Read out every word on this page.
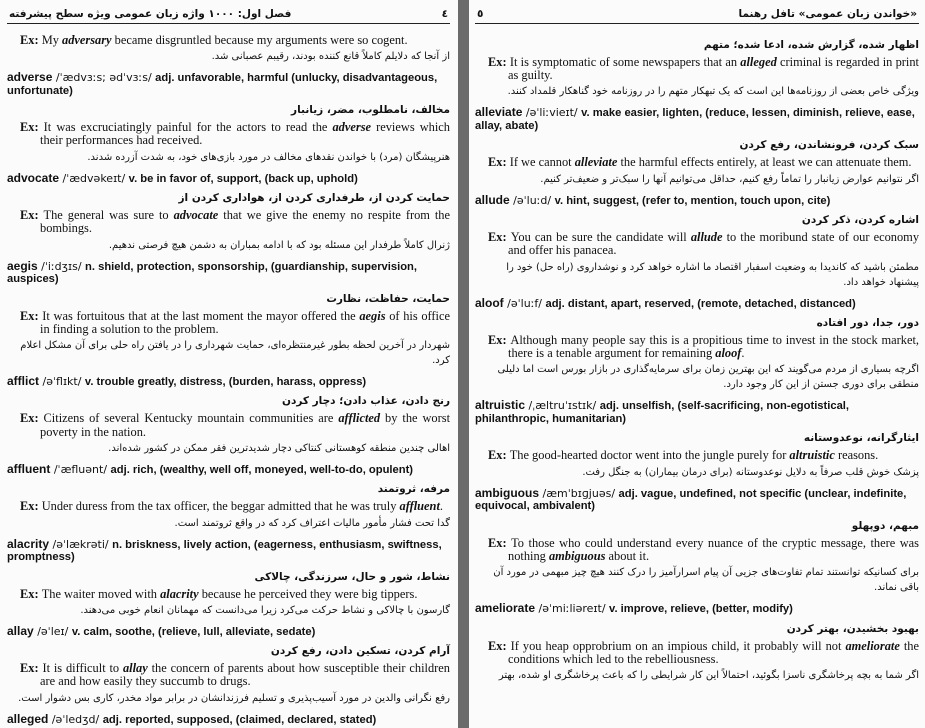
فصل اول: ۱۰۰۰ واژه زبان عمومی ویژه سطح پیشرفته	٤
Ex: My adversary became disgruntled because my arguments were so cogent.
از آنجا که دلایلم کاملاً قانع کننده بودند، رقیبم عصبانی شد.
adverse /ˈædvɜːs; ədˈvɜːs/ adj. unfavorable, harmful (unlucky, disadvantageous, unfortunate)
مخالف، نامطلوب، مضر، زیانبار
Ex: It was excruciatingly painful for the actors to read the adverse reviews which their performances had received.
هنرپیشگان (مرد) با خواندن نقدهای مخالف در مورد بازی‌های خود، به شدت آزرده شدند.
advocate /ˈædvəkeɪt/ v. be in favor of, support, (back up, uphold)
حمایت کردن از، طرفداری کردن از، هواداری کردن از
Ex: The general was sure to advocate that we give the enemy no respite from the bombings.
ژنرال کاملاً طرفدار این مسئله بود که با ادامه بمباران به دشمن هیچ فرصتی ندهیم.
aegis /ˈiːdʒɪs/ n. shield, protection, sponsorship, (guardianship, supervision, auspices)
حمایت، حفاظت، نظارت
Ex: It was fortuitous that at the last moment the mayor offered the aegis of his office in finding a solution to the problem.
شهردار در آخرین لحظه بطور غیرمنتظره‌ای، حمایت شهرداری را در یافتن راه حلی برای آن مشکل اعلام کرد.
afflict /əˈflɪkt/ v. trouble greatly, distress, (burden, harass, oppress)
رنج دادن، عذاب دادن؛ دچار کردن
Ex: Citizens of several Kentucky mountain communities are afflicted by the worst poverty in the nation.
اهالی چندین منطقه کوهستانی کنتاکی دچار شدیدترین فقر ممکن در کشور شده‌اند.
affluent /ˈæfluənt/ adj. rich, (wealthy, well off, moneyed, well-to-do, opulent)
مرفه، ثروتمند
Ex: Under duress from the tax officer, the beggar admitted that he was truly affluent.
گدا تحت فشار مأمور مالیات اعتراف کرد که در واقع ثروتمند است.
alacrity /əˈlækrəti/ n. briskness, lively action, (eagerness, enthusiasm, swiftness, promptness)
نشاط، شور و حال، سرزندگی، چالاکی
Ex: The waiter moved with alacrity because he perceived they were big tippers.
گارسون با چالاکی و نشاط حرکت می‌کرد زیرا می‌دانست که مهمانان انعام خوبی می‌دهند.
allay /əˈleɪ/ v. calm, soothe, (relieve, lull, alleviate, sedate)
آرام کردن، تسکین دادن، رفع کردن
Ex: It is difficult to allay the concern of parents about how susceptible their children are and how easily they succumb to drugs.
رفع نگرانی والدین در مورد آسیب‌پذیری و تسلیم فرزندانشان در برابر مواد مخدر، کاری بس دشوار است.
alleged /əˈledʒd/ adj. reported, supposed, (claimed, declared, stated)
٥	«خواندن زبان عمومی» تافل رهنما
اظهار شده، گزارش شده، ادعا شده؛ متهم
Ex: It is symptomatic of some newspapers that an alleged criminal is regarded in print as guilty.
ویژگی خاص بعضی از روزنامه‌ها این است که یک تبهکار متهم را در روزنامه خود گناهکار قلمداد کنند.
alleviate /əˈliːvieɪt/ v. make easier, lighten, (reduce, lessen, diminish, relieve, ease, allay, abate)
سبک کردن، فرونشاندن، رفع کردن
Ex: If we cannot alleviate the harmful effects entirely, at least we can attenuate them.
اگر نتوانیم عوارض زیانبار را تماماً رفع کنیم، حداقل می‌توانیم آنها را سبک‌تر و ضعیف‌تر کنیم.
allude /əˈluːd/ v. hint, suggest, (refer to, mention, touch upon, cite)
اشاره کردن، ذکر کردن
Ex: You can be sure the candidate will allude to the moribund state of our economy and offer his panacea.
مطمئن باشید که کاندیدا به وضعیت اسفبار اقتصاد ما اشاره خواهد کرد و نوشداروی (راه حل) خود را پیشنهاد خواهد داد.
aloof /əˈluːf/ adj. distant, apart, reserved, (remote, detached, distanced)
دور، جدا، دور افتاده
Ex: Although many people say this is a propitious time to invest in the stock market, there is a tenable argument for remaining aloof.
اگرچه بسیاری از مردم می‌گویند که این بهترین زمان برای سرمایه‌گذاری در بازار بورس است اما دلیلی منطقی برای دوری جستن از این کار وجود دارد.
altruistic /ˌæltruˈɪstɪk/ adj. unselfish, (self-sacrificing, non-egotistical, philanthropic, humanitarian)
ایثارگرانه، نوعدوستانه
Ex: The good-hearted doctor went into the jungle purely for altruistic reasons.
پزشک خوش قلب صرفاً به دلایل نوعدوستانه (برای درمان بیماران) به جنگل رفت.
ambiguous /æmˈbɪɡjuəs/ adj. vague, undefined, not specific (unclear, indefinite, equivocal, ambivalent)
مبهم، دوپهلو
Ex: To those who could understand every nuance of the cryptic message, there was nothing ambiguous about it.
برای کسانیکه توانستند تمام تفاوت‌های جزیی آن پیام اسرارآمیز را درک کنند هیچ چیز مبهمی در مورد آن باقی نماند.
ameliorate /əˈmiːliəreɪt/ v. improve, relieve, (better, modify)
بهبود بخشیدن، بهتر کردن
Ex: If you heap opprobrium on an impious child, it probably will not ameliorate the conditions which led to the rebelliousness.
اگر شما به بچه پرخاشگری ناسزا بگوئید، احتمالاً این کار شرایطی را که باعث پرخاشگری او شده، بهتر
